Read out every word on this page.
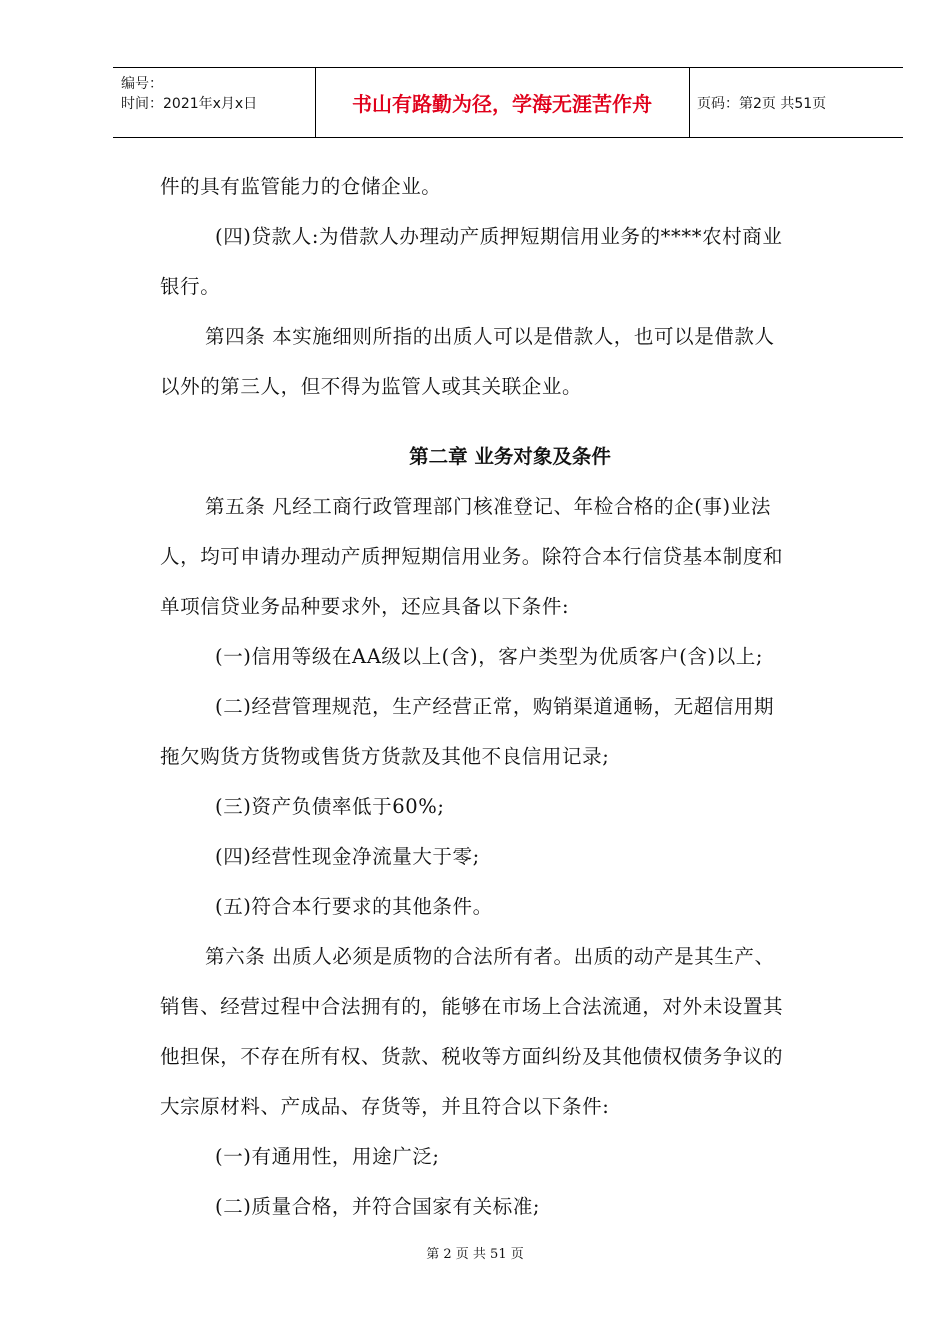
编号：
时间：2021年x月x日	书山有路勤为径，学海无涯苦作舟	页码：第2页 共51页

件的具有监管能力的仓储企业。

(四)贷款人:为借款人办理动产质押短期信用业务的****农村商业

银行。

第四条 本实施细则所指的出质人可以是借款人，也可以是借款人

以外的第三人，但不得为监管人或其关联企业。

第二章 业务对象及条件

第五条 凡经工商行政管理部门核准登记、年检合格的企(事)业法

人，均可申请办理动产质押短期信用业务。除符合本行信贷基本制度和

单项信贷业务品种要求外，还应具备以下条件:

(一)信用等级在AA级以上(含)，客户类型为优质客户(含)以上;

(二)经营管理规范，生产经营正常，购销渠道通畅，无超信用期

拖欠购货方货物或售货方货款及其他不良信用记录;

(三)资产负债率低于60%;

(四)经营性现金净流量大于零;

(五)符合本行要求的其他条件。

第六条 出质人必须是质物的合法所有者。出质的动产是其生产、

销售、经营过程中合法拥有的，能够在市场上合法流通，对外未设置其

他担保，不存在所有权、货款、税收等方面纠纷及其他债权债务争议的

大宗原材料、产成品、存货等，并且符合以下条件:

(一)有通用性，用途广泛;

(二)质量合格，并符合国家有关标准;

第 2 页 共 51 页
